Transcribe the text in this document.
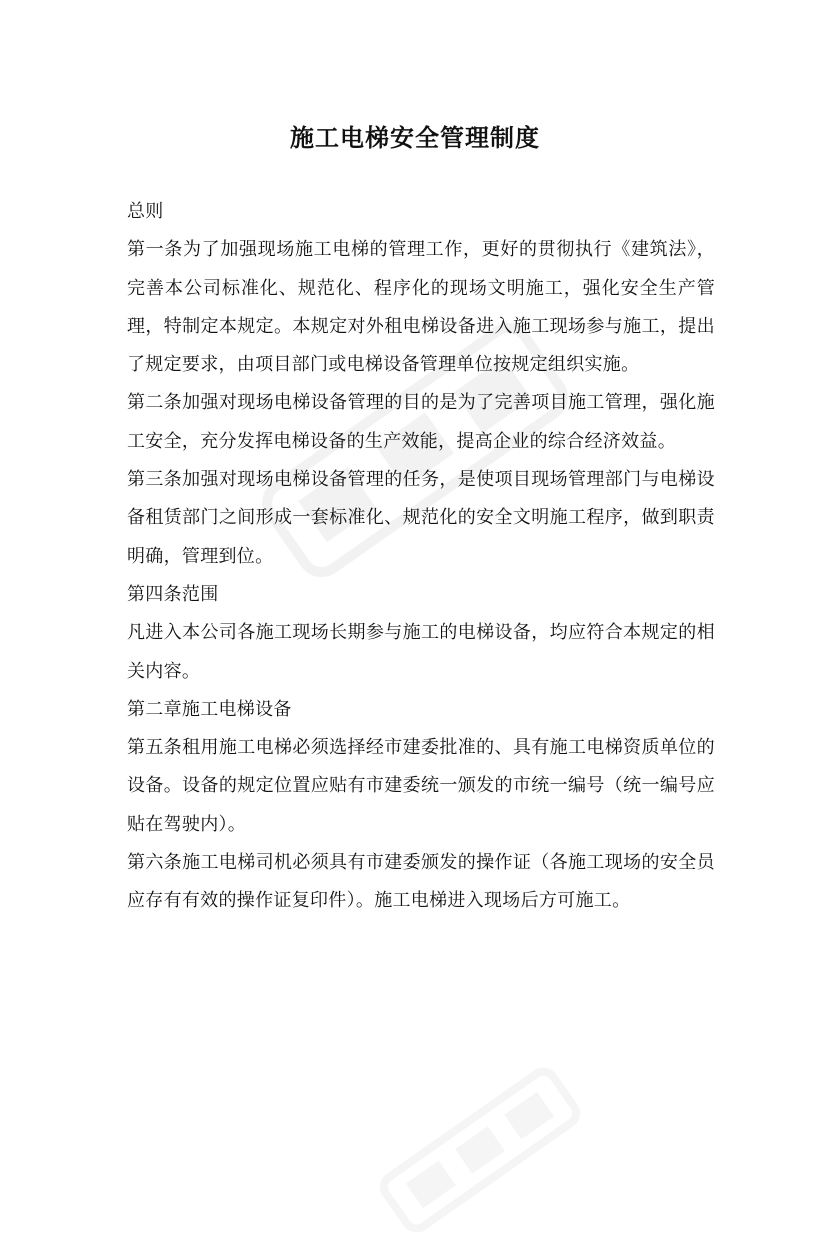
施工电梯安全管理制度

总则

第一条为了加强现场施工电梯的管理工作，更好的贯彻执行《建筑法》，完善本公司标准化、规范化、程序化的现场文明施工，强化安全生产管理，特制定本规定。本规定对外租电梯设备进入施工现场参与施工，提出了规定要求，由项目部门或电梯设备管理单位按规定组织实施。

第二条加强对现场电梯设备管理的目的是为了完善项目施工管理，强化施工安全，充分发挥电梯设备的生产效能，提高企业的综合经济效益。

第三条加强对现场电梯设备管理的任务，是使项目现场管理部门与电梯设备租赁部门之间形成一套标准化、规范化的安全文明施工程序，做到职责明确，管理到位。

第四条范围

凡进入本公司各施工现场长期参与施工的电梯设备，均应符合本规定的相关内容。

第二章施工电梯设备

第五条租用施工电梯必须选择经市建委批准的、具有施工电梯资质单位的设备。设备的规定位置应贴有市建委统一颁发的市统一编号（统一编号应贴在驾驶内）。

第六条施工电梯司机必须具有市建委颁发的操作证（各施工现场的安全员应存有有效的操作证复印件）。施工电梯进入现场后方可施工。
